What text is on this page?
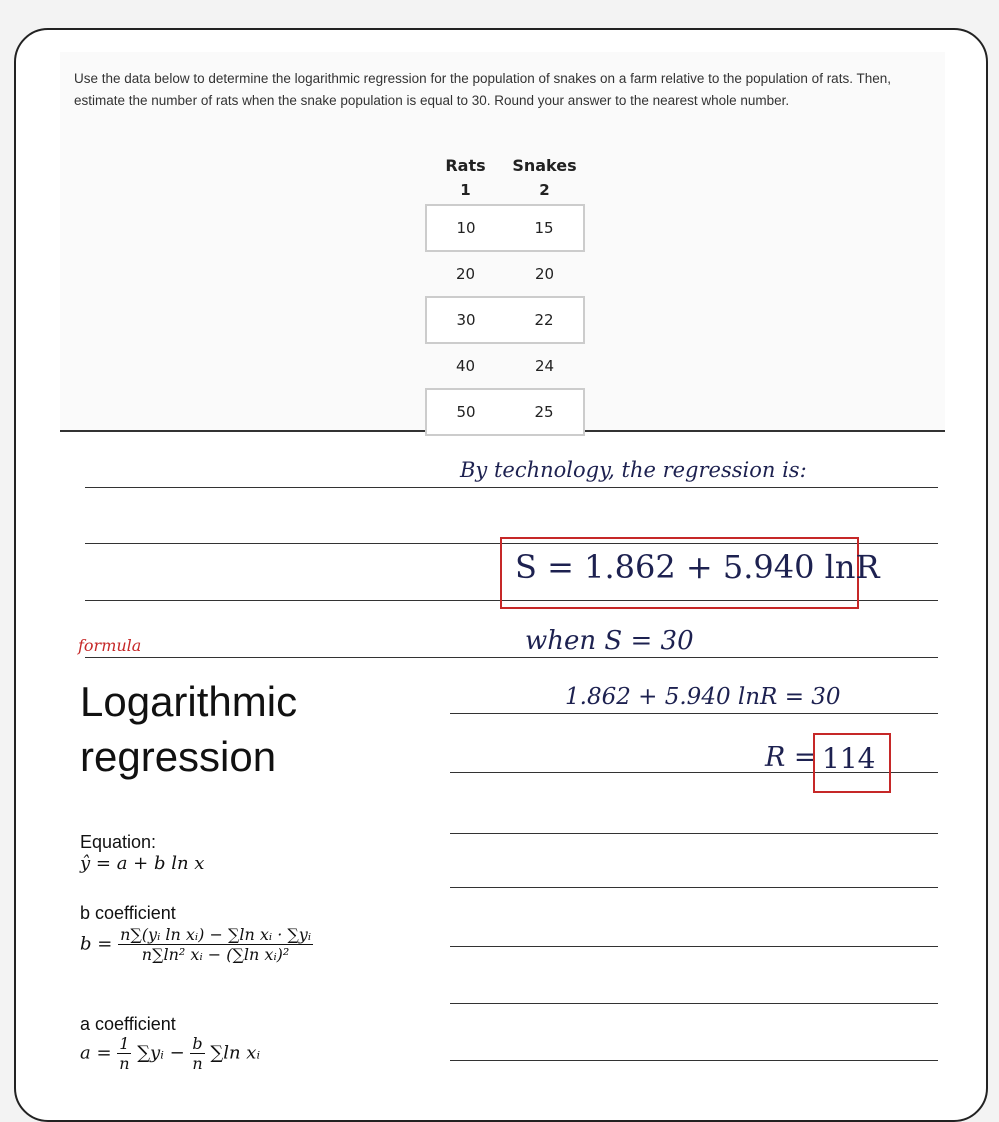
Use the data below to determine the logarithmic regression for the population of snakes on a farm relative to the population of rats. Then, estimate the number of rats when the snake population is equal to 30. Round your answer to the nearest whole number.
Rats	Snakes
1	2
10	15
20	20
30	22
40	24
50	25
By technology, the regression is:
S = 1.862 + 5.940 lnR
when S = 30
1.862 + 5.940 lnR = 30
R = 114
formula
Logarithmic
regression
Equation:
ŷ = a + b ln x
b coefficient
$b = \frac{\text{n∑(yᵢ ln xᵢ) − ∑ln xᵢ · ∑yᵢ}}{\text{n∑ln² xᵢ − (∑ln xᵢ)²}}$
a coefficient
$a = \frac{1}{n}$ ∑yᵢ − $\frac{b}{n} \sum\ln$ xᵢ
